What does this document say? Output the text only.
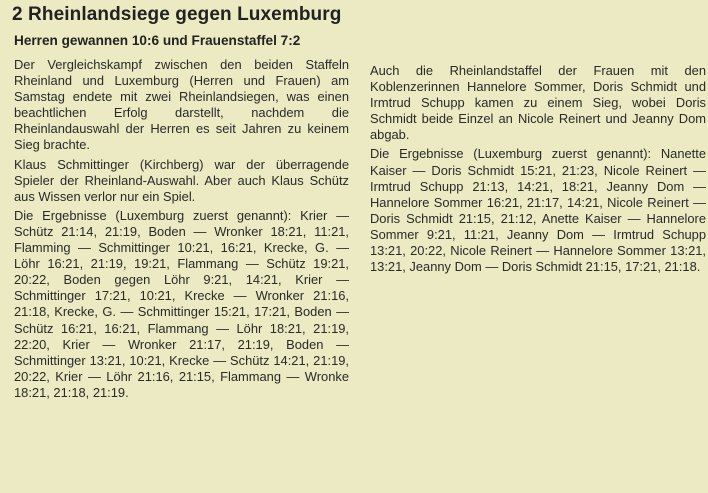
2 Rheinlandsiege gegen Luxemburg
Herren gewannen 10:6 und Frauenstaffel 7:2

Der Vergleichskampf zwischen den beiden Staffeln Rheinland und Luxemburg (Herren und Frauen) am Samstag endete mit zwei Rheinlandsiegen, was einen beachtlichen Erfolg darstellt, nachdem die Rheinlandauswahl der Herren es seit Jahren zu keinem Sieg brachte.

Klaus Schmittinger (Kirchberg) war der überragende Spieler der Rheinland-Auswahl. Aber auch Klaus Schütz aus Wissen verlor nur ein Spiel.

Die Ergebnisse (Luxemburg zuerst genannt): Krier — Schütz 21:14, 21:19, Boden — Wronker 18:21, 11:21, Flamming — Schmittinger 10:21, 16:21, Krecke, G. — Löhr 16:21, 21:19, 19:21, Flammang — Schütz 19:21, 20:22, Boden gegen Löhr 9:21, 14:21, Krier — Schmittinger 17:21, 10:21, Krecke — Wronker 21:16, 21:18, Krecke, G. — Schmittinger 15:21, 17:21, Boden — Schütz 16:21, 16:21, Flammang — Löhr 18:21, 21:19, 22:20, Krier — Wronker 21:17, 21:19, Boden — Schmittinger 13:21, 10:21, Krecke — Schütz 14:21, 21:19, 20:22, Krier — Löhr 21:16, 21:15, Flammang — Wronke 18:21, 21:18, 21:19.

Auch die Rheinlandstaffel der Frauen mit den Koblenzerinnen Hannelore Sommer, Doris Schmidt und Irmtrud Schupp kamen zu einem Sieg, wobei Doris Schmidt beide Einzel an Nicole Reinert und Jeanny Dom abgab.

Die Ergebnisse (Luxemburg zuerst genannt): Nanette Kaiser — Doris Schmidt 15:21, 21:23, Nicole Reinert — Irmtrud Schupp 21:13, 14:21, 18:21, Jeanny Dom — Hannelore Sommer 16:21, 21:17, 14:21, Nicole Reinert — Doris Schmidt 21:15, 21:12, Anette Kaiser — Hannelore Sommer 9:21, 11:21, Jeanny Dom — Irmtrud Schupp 13:21, 20:22, Nicole Reinert — Hannelore Sommer 13:21, 13:21, Jeanny Dom — Doris Schmidt 21:15, 17:21, 21:18.
